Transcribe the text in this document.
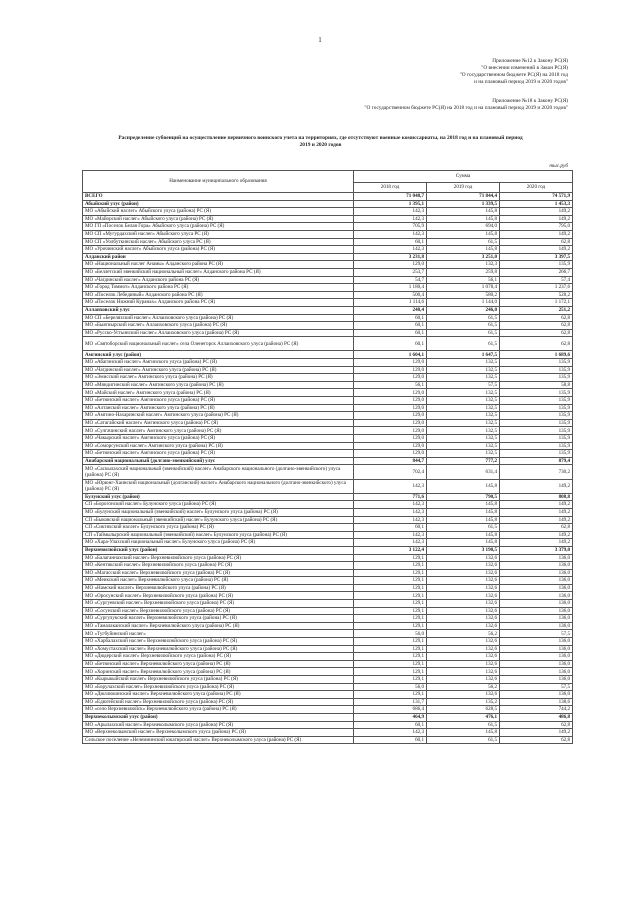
1
Приложение №12 к Закону РС(Я)
"О внесении изменений в Закон РС(Я)
"О государственном бюджете РС(Я) на 2018 год
и на плановый период 2019 и 2020 годов"
Приложение №18 к Закону РС(Я)
"О государственном бюджете РС(Я) на 2018 год и на плановый период 2019 и 2020 годов"
Распределение субвенций на осуществление первичного воинского учета на территориях, где отсутствуют военные комиссариаты, на 2018 год и на плановый период
2019 и 2020 годов
тыс.руб
Наименование муниципального образования	Сумма		
	2018 год	2019 год	2020 год
ВСЕГО	71 048,7	71 844,4	74 571,9
Абыйский улус (район)	1 395,1	1 339,5	1 453,3
МО «Абыйский наслег» Абыйского улуса (района) РС (Я)	142,3	145,8	149,2
МО «Майорский наслег» Абыйского улуса (района) РС (Я)	142,3	145,8	149,2
МО ГП «Поселок Белая Гора» Абыйского улуса (района) РС (Я)	705,9	694,0	795,0
МО СП «Мугурдахский наслег» Абыйского улуса РС (Я)	142,3	145,8	149,2
МО СП «Уолбуткинский наслег» Абыйского улуса РС (Я)	60,1	61,5	62,8
МО «Урочинский наслег» Абыйского улуса (района) РС (Я)	142,3	145,8	149,2
Алданский район	3 231,8	3 251,0	3 397,5
МО «Национальный наслег Анамы» Алданского района РС (Я)	129,0	132,3	135,9
МО «Беллетский эвенкийский национальный наслег» Алданского района РС (Я)	253,7	259,8	266,7
МО «Чагдинский наслег» Алданского района РС (Я)	54,7	56,1	57,4
МО «Город Томмот» Алданского района РС (Я)	1 180,4	1 078,4	1 237,6
МО «Поселок Лебединый» Алданского района РС (Я)	500,4	580,2	528,2
МО «Поселок Нижний Куранах» Алданского района РС (Я)	1 114,6	1 144,0	1 172,1
Аллаиховский улус	240,4	246,0	251,2
МО СП «Береляхский наслег» Аллаиховского улуса (района) РС (Я)	60,1	61,5	62,8
МО «Быягнырский наслег» Аллаиховского улуса (района) РС (Я)	60,1	61,5	62,8
МО «Русско-Устьинский наслег» Аллаиховского улуса (района) РС (Я)	60,1	61,5	62,8
МО «Святоборский национальный наслег» села Оленегорск Аллаиховского улуса (района) РС (Я)	60,1	61,5	62,8
Амгинский улус (район)	1 604,1	1 647,5	1 689,6
МО «Абагинский наслег» Амгинского улуса (района) РС (Я)	129,0	132,5	135,9
МО «Чагдинский наслег» Амгинского улуса (района) РС (Я)	129,0	132,5	135,9
МО «Эмисский наслег» Амгинского улуса (района) РС (Я)	129,0	132,5	135,9
МО «Мяндигинский наслег» Амгинского улуса (района) РС (Я)	56,1	57,5	58,8
МО «Майский наслег» Амгинского улуса (района) РС (Я)	129,0	132,5	135,9
МО «Бетюнский наслег» Амгинского улуса (района) РС (Я)	129,0	132,5	135,9
МО «Алтанский наслег» Амгинского улуса (района) РС (Я)	129,0	132,5	135,9
МО «Амгино-Нахаринский наслег» Амгинского улуса (района) РС (Я)	129,0	132,5	135,9
МО «Сатагайский наслег» Амгинского улуса (района) РС (Я)	129,0	132,5	135,9
МО «Сулгачинский наслег» Амгинского улуса (района) РС (Я)	129,0	132,5	135,9
МО «Чакырский наслег» Амгинского улуса (района) РС (Я)	129,0	132,5	135,9
МО «Соморсунский наслег» Амгинского улуса (района) РС (Я)	129,0	132,5	135,9
МО «Бетюнский наслег» Амгинского улуса (района) РС (Я)	129,0	132,5	135,9
Анабарский национальный (долгано-эвенкийский) улус	844,7	777,2	879,4
МО «Саскылахский национальный (эвенкийский) наслег» Анабарского национального (долгано-эвенкийского) улуса (района) РС (Я)	702,4	631,4	730,2
МО «Юрюнг-Хаинский национальный (долганский) наслег» Анабарского национального (долгано-эвенкийского) улуса (района) РС (Я)	142,3	145,8	149,2
Булунский улус (район)	771,6	790,5	808,8
СП «Борогонский наслег» Булунского улуса (района) РС (Я)	142,3	145,8	149,2
МО «Булунский национальный (эвенкийский) наслег» Булунского улуса (района) РС (Я)	142,3	145,8	149,2
СП «Быковский национальный (эвенкийский) наслег» Булунского улуса (района) РС (Я)	142,3	145,8	149,2
СП «Сиктяхский наслег» Булунского улуса (района) РС (Я)	60,1	61,5	62,8
СП «Таймылырский национальный (эвенкийский) наслег» Булунского улуса (района) РС (Я)	142,3	145,8	149,2
МО «Хара-Улахский национальный наслег» Булунского улуса (района) РС (Я)	142,3	145,8	149,2
Верхневилюйский улус (район)	3 122,4	3 190,5	3 379,0
МО «Балаганнахский наслег» Верхневилюйского улуса (района) РС (Я)	129,1	132,6	136,0
МО «Кентикский наслег» Верхневилюйского улуса (района) РС (Я)	129,1	132,6	136,0
МО «Магасский наслег» Верхневилюйского улуса (района) РС (Я)	129,1	132,6	136,0
МО «Меикский наслег» Верхневилюйского улуса (района) РС (Я)	129,1	132,6	136,0
МО «Намский наслег» Верхневилюйского улуса (района) РС (Я)	129,1	132,6	136,0
МО «Оросунский наслег» Верхневилюйского улуса (района) РС (Я)	129,1	132,6	136,0
МО «Сургуевский наслег» Верхневилюйского улуса (района) РС (Я)	129,1	132,6	136,0
МО «Сосунский наслег» Верхневилюйского улуса (района) РС (Я)	129,1	132,6	136,0
МО «Сургулукский наслег» Верхневилюйского улуса (района) РС (Я)	129,1	132,6	136,0
МО «Тамалаканский наслег» Верхневилюйского улуса (района) РС (Я)	129,1	132,6	136,0
МО «Тугбуйинский наслег»	56,0	56,2	57,5
МО «Харбалахский наслег» Верхневилюйского улуса (района) РС (Я)	129,1	132,6	136,0
МО «Хомустахский наслег» Верхневилюйского улуса (района) РС (Я)	129,1	132,6	136,0
МО «Дюдерский наслег» Верхневилюйского улуса (района) РС (Я)	129,1	132,6	136,0
МО «Бетюнский наслег» Верхневилюйского улуса (района) РС (Я)	129,1	132,6	136,0
МО «Хоринский наслег» Верхневилюйского улуса (района) РС (Я)	129,1	132,6	136,0
МО «Кырыкыйский наслег» Верхневилюйского улуса (района) РС (Я)	129,1	132,6	136,0
МО «Борулахский наслег» Верхневилюйского улуса (района) РС (Я)	56,0	56,2	57,5
МО «Дюллюкинский наслег» Верхневилюйского улуса (района) РС (Я)	129,1	132,6	136,0
МО «Едюгейский наслег» Верхневилюйского улуса (района) РС (Я)	131,7	135,2	138,6
МО «село Верхневилюйск» Верхневилюйского улуса (района) РС (Я)	686,4	628,5	744,2
Верхнеколымский улус (район)	464,9	476,1	486,8
МО «Арылахский наслег» Верхнеколымского улуса (района) РС (Я)	60,1	61,5	62,8
МО «Верхнеколымский наслег» Верхнеколымского улуса (района) РС (Я)	142,3	145,8	149,2
Сельское поселение «Нелемнинский юкагирский наслег» Верхнеколымского улуса (района) РС (Я)	60,1	61,5	62,8
